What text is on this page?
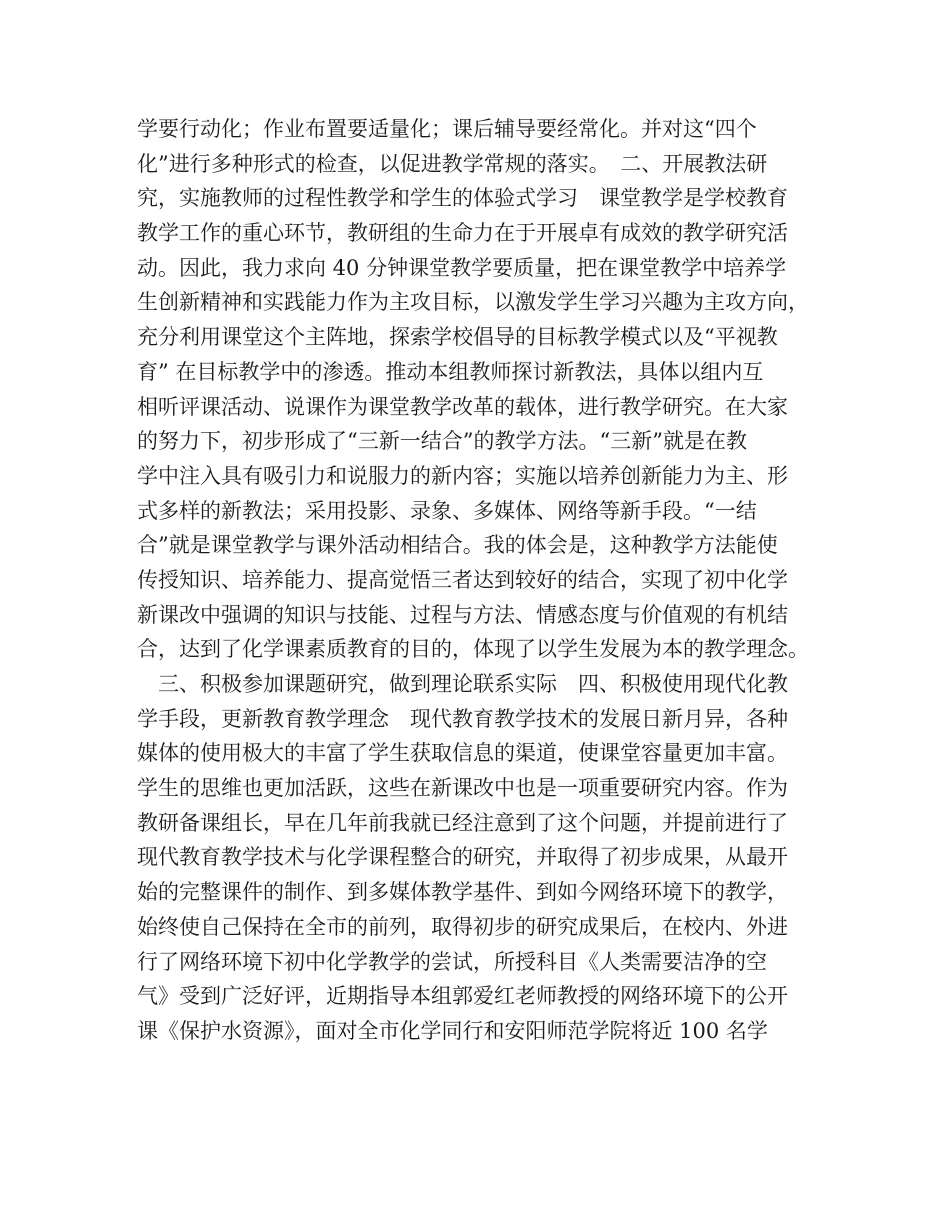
学要行动化；作业布置要适量化；课后辅导要经常化。并对这“四个
化”进行多种形式的检查，以促进教学常规的落实。　二、开展教法研
究，实施教师的过程性教学和学生的体验式学习　课堂教学是学校教育
教学工作的重心环节，教研组的生命力在于开展卓有成效的教学研究活
动。因此，我力求向 40 分钟课堂教学要质量，把在课堂教学中培养学
生创新精神和实践能力作为主攻目标，以激发学生学习兴趣为主攻方向，
充分利用课堂这个主阵地，探索学校倡导的目标教学模式以及“平视教
育” 在目标教学中的渗透。推动本组教师探讨新教法，具体以组内互
相听评课活动、说课作为课堂教学改革的载体，进行教学研究。在大家
的努力下，初步形成了“三新一结合”的教学方法。“三新”就是在教
学中注入具有吸引力和说服力的新内容；实施以培养创新能力为主、形
式多样的新教法；采用投影、录象、多媒体、网络等新手段。“一结
合”就是课堂教学与课外活动相结合。我的体会是，这种教学方法能使
传授知识、培养能力、提高觉悟三者达到较好的结合，实现了初中化学
新课改中强调的知识与技能、过程与方法、情感态度与价值观的有机结
合，达到了化学课素质教育的目的，体现了以学生发展为本的教学理念。
　三、积极参加课题研究，做到理论联系实际　四、积极使用现代化教
学手段，更新教育教学理念　现代教育教学技术的发展日新月异，各种
媒体的使用极大的丰富了学生获取信息的渠道，使课堂容量更加丰富。
学生的思维也更加活跃，这些在新课改中也是一项重要研究内容。作为
教研备课组长，早在几年前我就已经注意到了这个问题，并提前进行了
现代教育教学技术与化学课程整合的研究，并取得了初步成果，从最开
始的完整课件的制作、到多媒体教学基件、到如今网络环境下的教学，
始终使自己保持在全市的前列，取得初步的研究成果后，在校内、外进
行了网络环境下初中化学教学的尝试，所授科目《人类需要洁净的空
气》受到广泛好评，近期指导本组郭爱红老师教授的网络环境下的公开
课《保护水资源》，面对全市化学同行和安阳师范学院将近 100 名学
